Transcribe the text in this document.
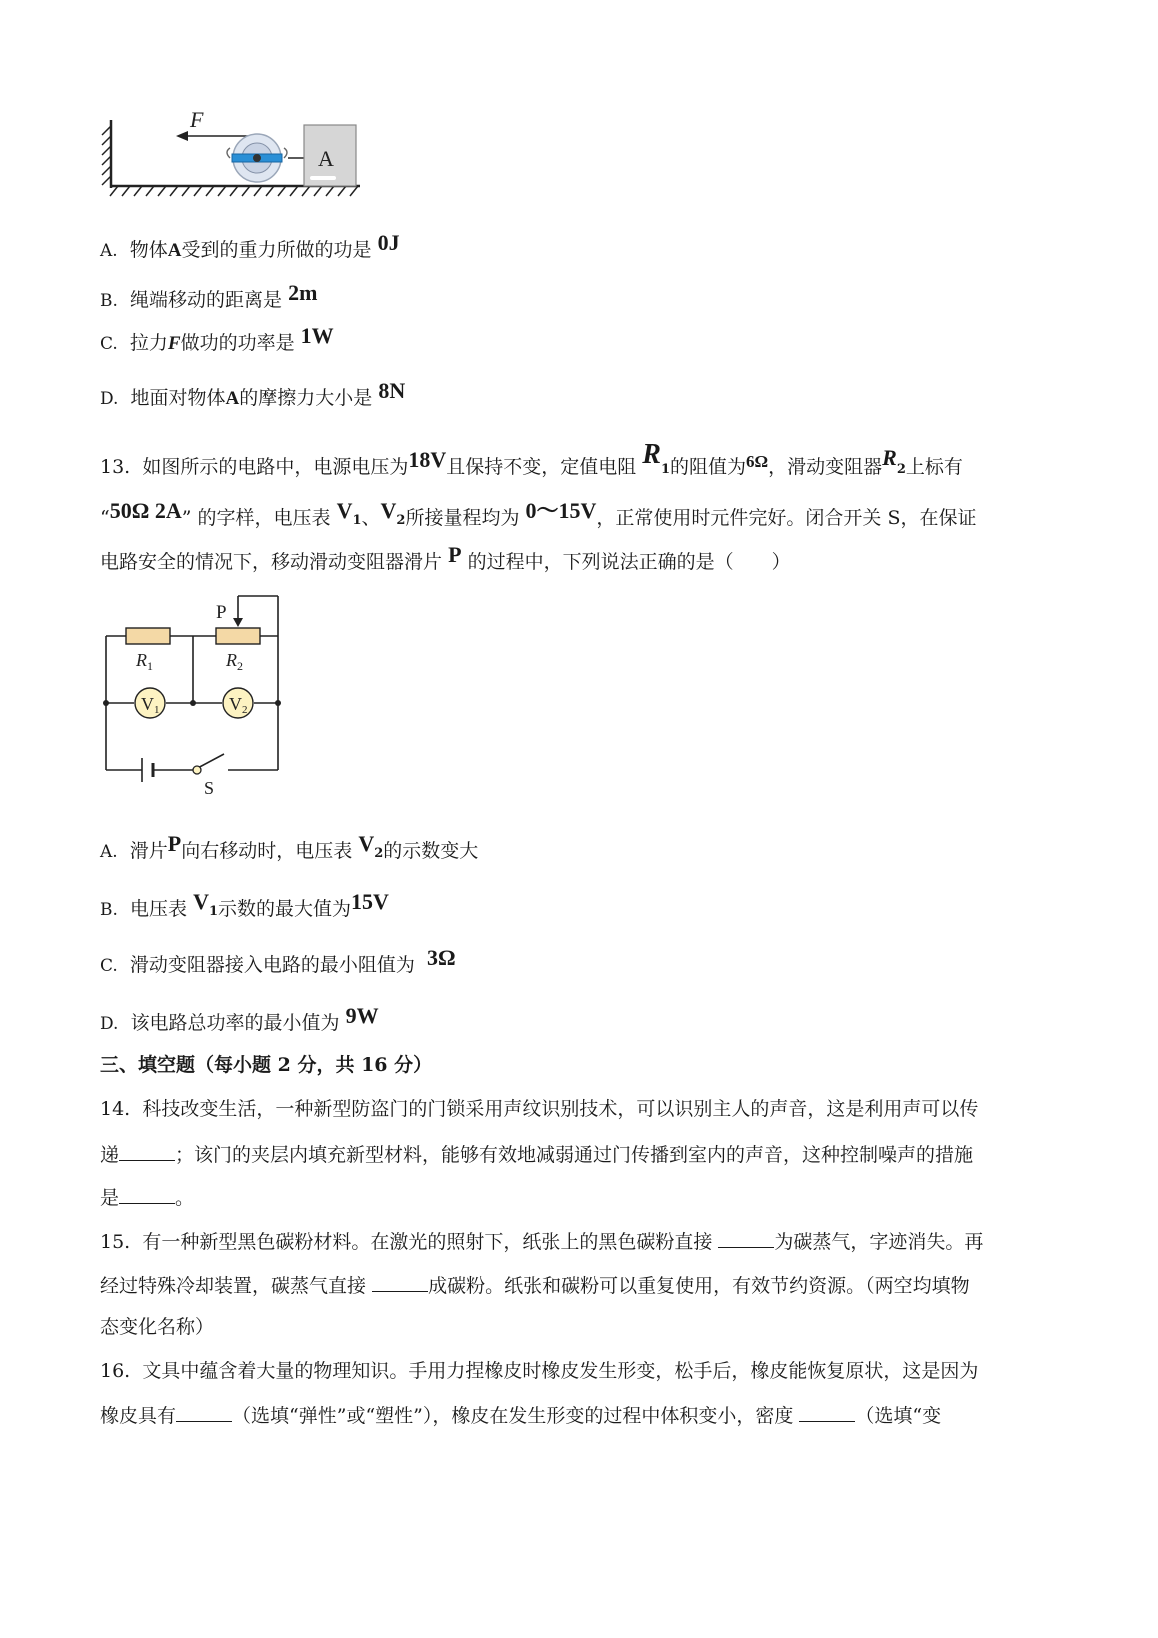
F
A
A. 物体A受到的重力所做的功是 0J
B. 绳端移动的距离是 2m
C. 拉力F做功的功率是 1W
D. 地面对物体A的摩擦力大小是 8N
13. 如图所示的电路中，电源电压为18V且保持不变，定值电阻 R1的阻值为6Ω，滑动变阻器R2上标有
“50Ω 2A” 的字样，电压表 V1、V2所接量程均为 0～15V，正常使用时元件完好。闭合开关 S，在保证
电路安全的情况下，移动滑动变阻器滑片 P 的过程中，下列说法正确的是（　　）
P
$R_1$	$R_2$
V1	V2
S
A. 滑片P向右移动时，电压表 V2的示数变大
B. 电压表 V1示数的最大值为15V
C. 滑动变阻器接入电路的最小阻值为 3Ω
D. 该电路总功率的最小值为 9W
三、填空题（每小题 2 分，共 16 分）
14. 科技改变生活，一种新型防盗门的门锁采用声纹识别技术，可以识别主人的声音，这是利用声可以传
递	；该门的夹层内填充新型材料，能够有效地减弱通过门传播到室内的声音，这种控制噪声的措施
是	。
15. 有一种新型黑色碳粉材料。在激光的照射下，纸张上的黑色碳粉直接	为碳蒸气，字迹消失。再
经过特殊冷却装置，碳蒸气直接	成碳粉。纸张和碳粉可以重复使用，有效节约资源。（两空均填物
态变化名称）
16. 文具中蕴含着大量的物理知识。手用力捏橡皮时橡皮发生形变，松手后，橡皮能恢复原状，这是因为
橡皮具有	（选填“弹性”或“塑性”），橡皮在发生形变的过程中体积变小，密度	（选填“变
